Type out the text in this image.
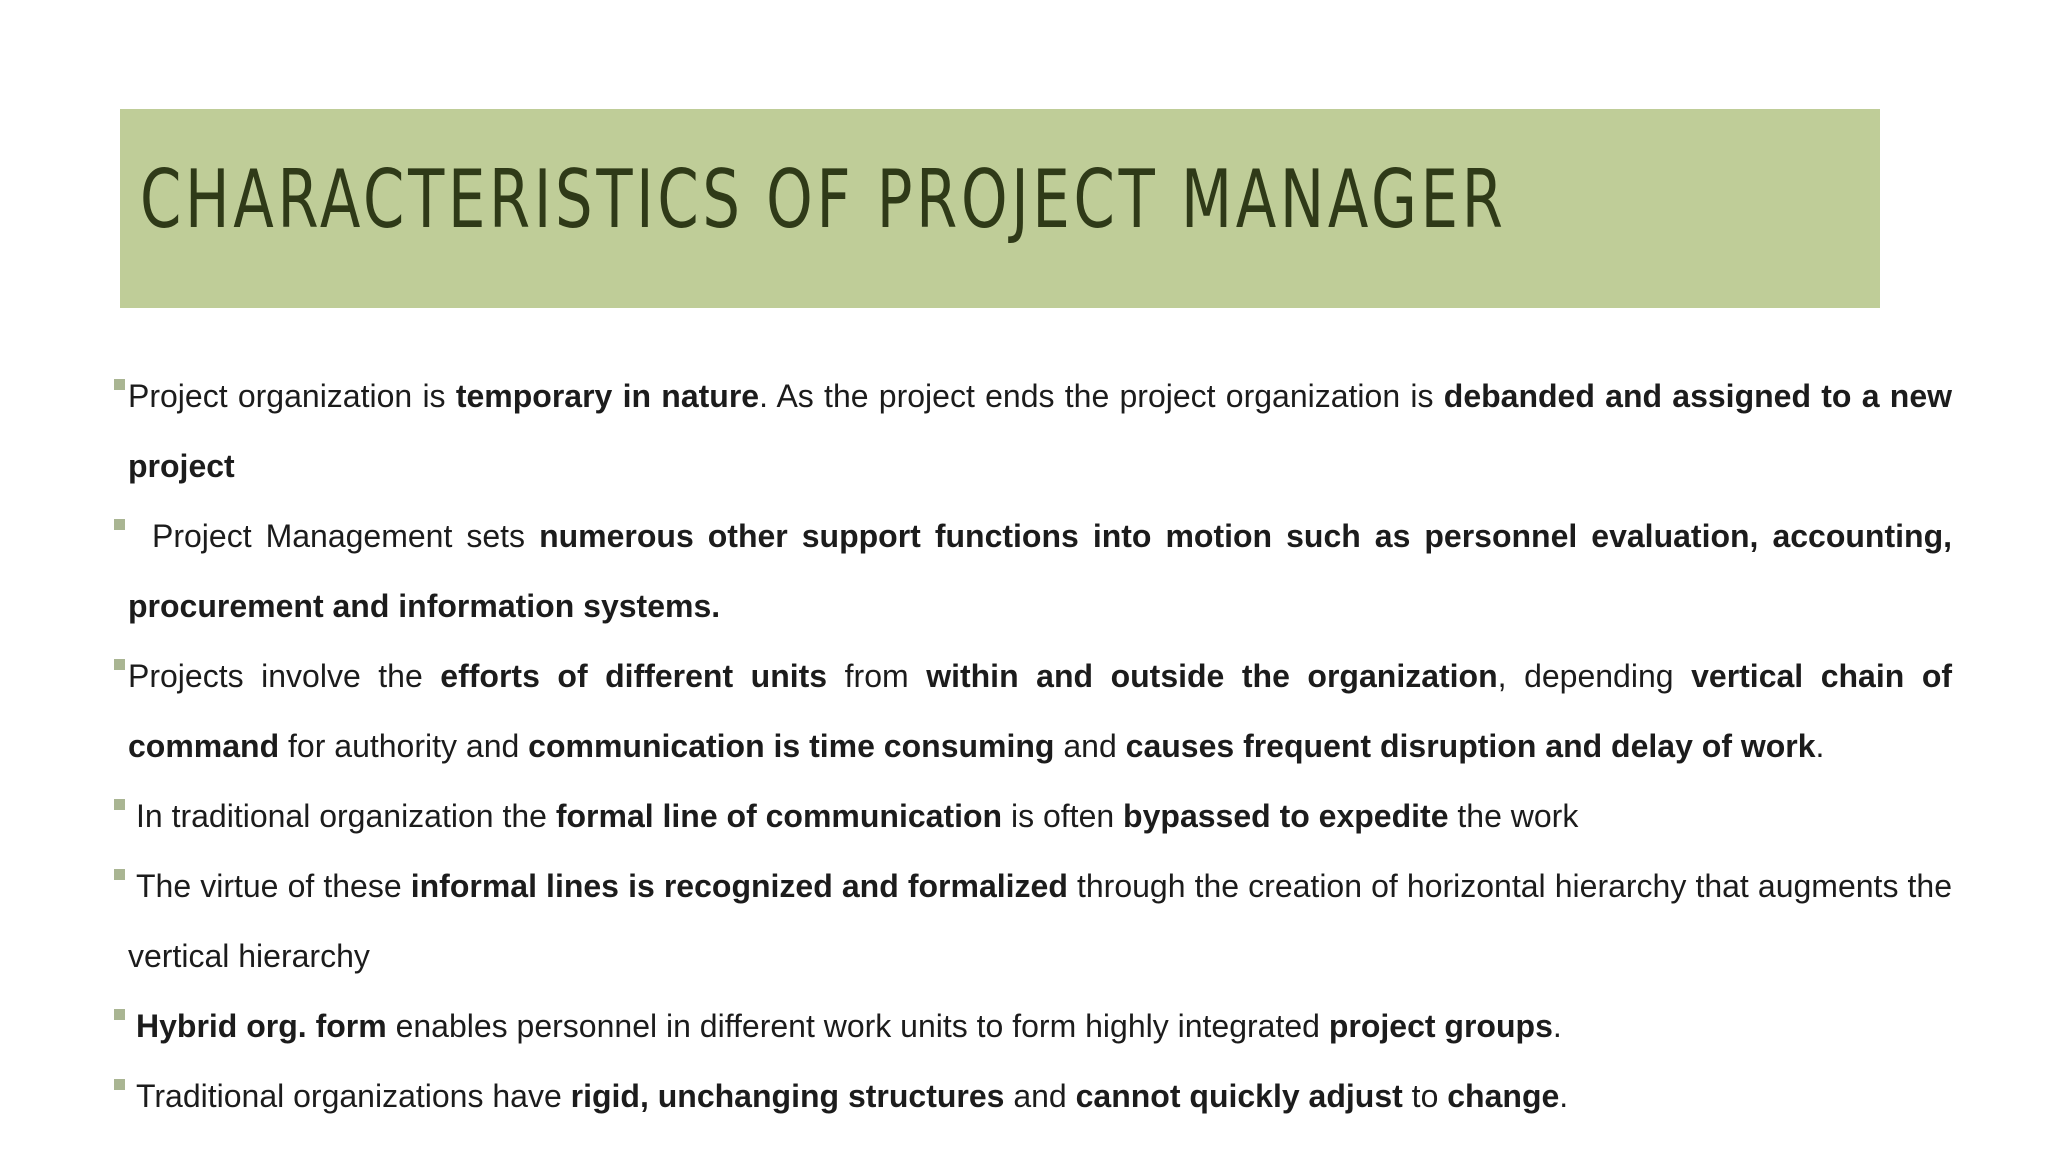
CHARACTERISTICS OF PROJECT MANAGER
Project organization is temporary in nature. As the project ends the project organization is debanded and assigned to a new project
Project Management sets numerous other support functions into motion such as personnel evaluation, accounting, procurement and information systems.
Projects involve the efforts of different units from within and outside the organization, depending vertical chain of command for authority and communication is time consuming and causes frequent disruption and delay of work.
In traditional organization the formal line of communication is often bypassed to expedite the work
The virtue of these informal lines is recognized and formalized through the creation of horizontal hierarchy that augments the vertical hierarchy
Hybrid org. form enables personnel in different work units to form highly integrated project groups.
Traditional organizations have rigid, unchanging structures and cannot quickly adjust to change.
